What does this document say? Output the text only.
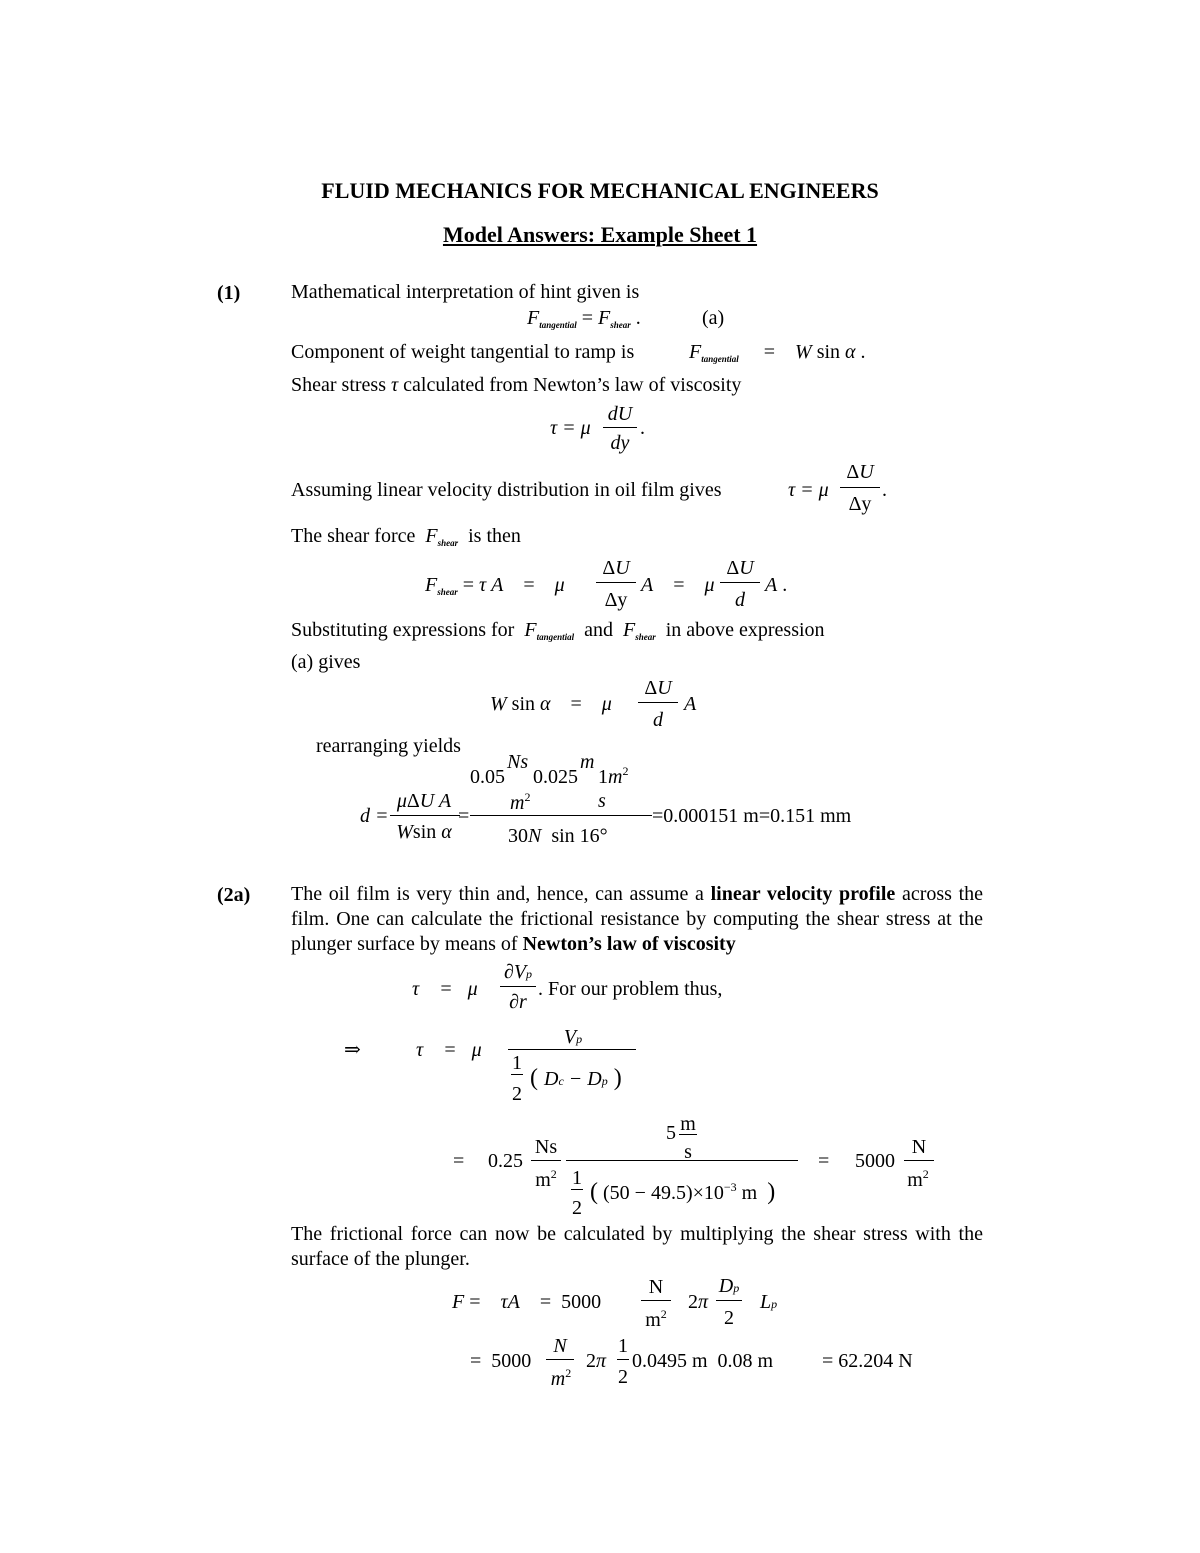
FLUID MECHANICS FOR MECHANICAL ENGINEERS
Model Answers: Example Sheet 1
(1)	Mathematical interpretation of hint given is
$F_{tangential} = F_{shear}$ .	(a)
Component of weight tangential to ramp is	$F_{tangential}$     =    W sin α .
Shear stress τ calculated from Newton’s law of viscosity
τ = μ
dU
dy
.
Assuming linear velocity distribution in oil film gives	τ = μ
ΔU
Δy
.
The shear force $F_{shear}$ is then
$F_{shear} = \tau$ A    =    μ
ΔU
Δy
A    =    μ
ΔU
d
A .
Substituting expressions for $F_{tangential}$ and $F_{shear}$ in above expression
(a) gives
W sin α    =    μ
ΔU
d
A
rearranging yields
d =
μΔU A
Wsin α
=
0.05
Ns
0.025
m
$1m^2$
$m^2$	s
30N  sin 16°
=0.000151 m=0.151 mm
(2a) The oil film is very thin and, hence, can assume a linear velocity profile across the film. One can calculate the frictional resistance by computing the shear stress at the plunger surface by means of Newton’s law of viscosity
τ    =   μ
∂Vp
∂r
. For our problem thus,
⇒	τ    =   μ
Vp
1
2
( Dc − Dp )
= 0.25
Ns
$m^2$
5 m
s
1
2
( $(50 - 49.5)\times 10^{-3}$ m  )
= 5000
N
$m^2$
The frictional force can now be calculated by multiplying the shear stress with the surface of the plunger.
F =    τA    =  5000
N
$m^2$
2π
Dp
2
Lp
=  5000
N
$m^2$
2π
1
2
0.0495 m  0.08 m = 62.204 N
